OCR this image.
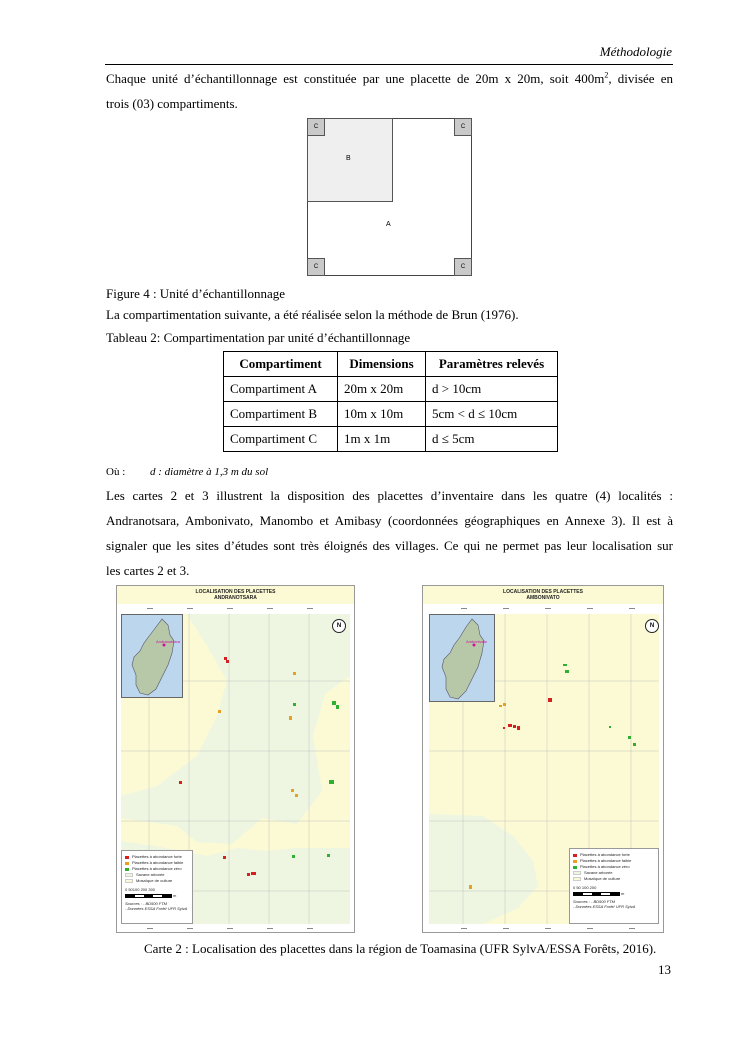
Méthodologie
Chaque unité d’échantillonnage est constituée par une placette de 20m x 20m, soit $400m^2$, divisée en
trois (03) compartiments.
B
A
C	C
C	C
Figure 4 : Unité d’échantillonnage
La compartimentation suivante, a été réalisée selon la méthode de Brun (1976).
Tableau 2: Compartimentation par unité d’échantillonnage
Compartiment	Dimensions	Paramètres relevés
Compartiment A	20m x 20m	d > 10cm
Compartiment B	10m x 10m	5cm < d ≤ 10cm
Compartiment C	1m x 1m	d ≤ 5cm
Où : d : diamètre à 1,3 m du sol
Les cartes 2 et 3 illustrent la disposition des placettes d’inventaire dans les quatre (4) localités :
Andranotsara, Ambonivato, Manombo et Amibasy (coordonnées géographiques en Annexe 3). Il est à
signaler que les sites d’études sont très éloignés des villages. Ce qui ne permet pas leur localisation sur
les cartes 2 et 3.
LOCALISATION DES PLACETTES
ANDRANOTSARA
Andranotsara
N
Placettes à abondance forte
Placettes à abondance faible
Placettes à abondance zéro
Savane arborée
Mosaïque de culture
0 50100 200 300
m
Sources : - BD500 FTM
- Données ESSA Forêt/ UFR SylvA
LOCALISATION DES PLACETTES
AMBONIVATO
Ambonivato
N
Placettes à abondance forte
Placettes à abondance faible
Placettes à abondance zéro
Savane arborée
Mosaïque de culture
0 50 100 200
m
Sources : - BD500 FTM
- Données ESSA Forêt/ UFR SylvA
Carte 2 : Localisation des placettes dans la région de Toamasina (UFR SylvA/ESSA Forêts, 2016).
13
